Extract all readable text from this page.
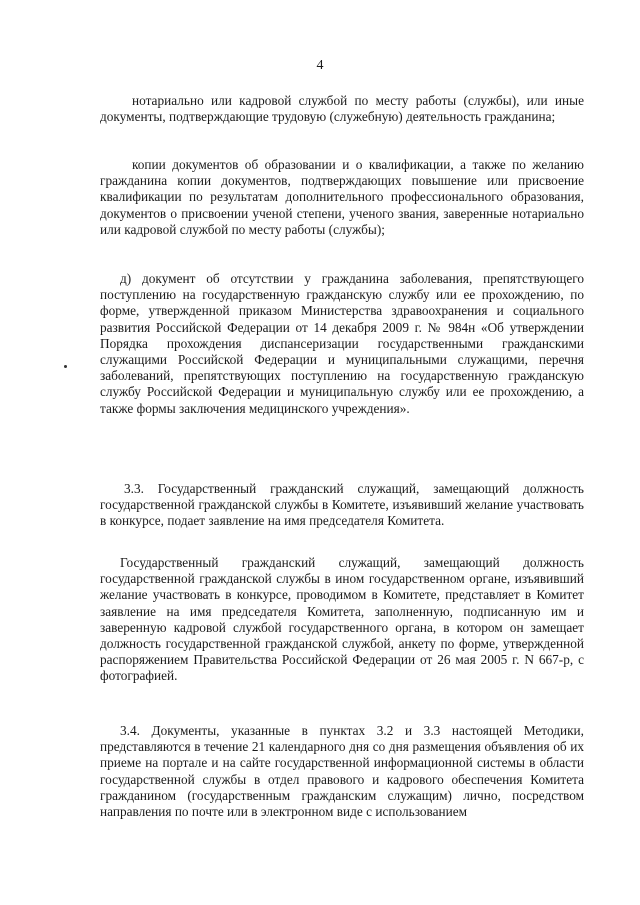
4

нотариально или кадровой службой по месту работы (службы), или иные документы, подтверждающие трудовую (служебную) деятельность гражданина;

копии документов об образовании и о квалификации, а также по желанию гражданина копии документов, подтверждающих повышение или присвоение квалификации по результатам дополнительного профессионального образования, документов о присвоении ученой степени, ученого звания, заверенные нотариально или кадровой службой по месту работы (службы);

д) документ об отсутствии у гражданина заболевания, препятствующего поступлению на государственную гражданскую службу или ее прохождению, по форме, утвержденной приказом Министерства здравоохранения и социального развития Российской Федерации от 14 декабря 2009 г. № 984н «Об утверждении Порядка прохождения диспансеризации государственными гражданскими служащими Российской Федерации и муниципальными служащими, перечня заболеваний, препятствующих поступлению на государственную гражданскую службу Российской Федерации и муниципальную службу или ее прохождению, а также формы заключения медицинского учреждения».

3.3. Государственный гражданский служащий, замещающий должность государственной гражданской службы в Комитете, изъявивший желание участвовать в конкурсе, подает заявление на имя председателя Комитета.

Государственный гражданский служащий, замещающий должность государственной гражданской службы в ином государственном органе, изъявивший желание участвовать в конкурсе, проводимом в Комитете, представляет в Комитет заявление на имя председателя Комитета, заполненную, подписанную им и заверенную кадровой службой государственного органа, в котором он замещает должность государственной гражданской службой, анкету по форме, утвержденной распоряжением Правительства Российской Федерации от 26 мая 2005 г. N 667-р, с фотографией.

3.4. Документы, указанные в пунктах 3.2 и 3.3 настоящей Методики, представляются в течение 21 календарного дня со дня размещения объявления об их приеме на портале и на сайте государственной информационной системы в области государственной службы в отдел правового и кадрового обеспечения Комитета гражданином (государственным гражданским служащим) лично, посредством направления по почте или в электронном виде с использованием
